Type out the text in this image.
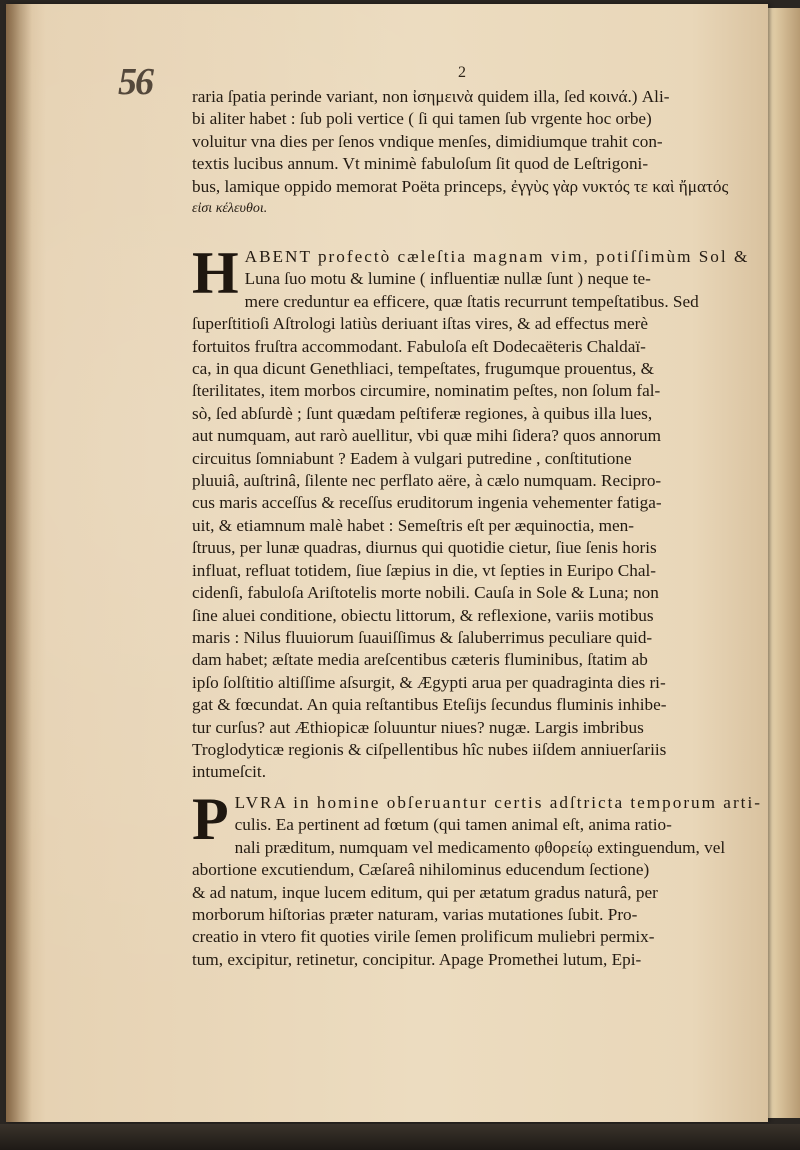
56	2
raria ſpatia perinde variant, non ἰσημεινὰ quidem illa, ſed κοινά.) Ali-
bi aliter habet : ſub poli vertice ( ſi qui tamen ſub vrgente hoc orbe)
voluitur vna dies per ſenos vndique menſes, dimidiumque trahit con-
textis lucibus annum. Vt minimè fabuloſum ſit quod de Leſtrigoni-
bus, lamique oppido memorat Poëta princeps, ἐγγὺς γὰρ νυκτός τε καὶ ἤματός
εἰσι κέλευθοι.
H ABENT profectò cæleſtia magnam vim, potiſſimùm Sol &
Luna ſuo motu & lumine ( influentiæ nullæ ſunt ) neque te-
mere creduntur ea efficere, quæ ſtatis recurrunt tempeſtatibus. Sed
ſuperſtitioſi Aſtrologi latiùs deriuant iſtas vires, & ad effectus merè
fortuitos fruſtra accommodant. Fabuloſa eſt Dodecaëteris Chaldaï-
ca, in qua dicunt Genethliaci, tempeſtates, frugumque prouentus, &
ſterilitates, item morbos circumire, nominatim peſtes, non ſolum fal-
sò, ſed abſurdè ; ſunt quædam peſtiferæ regiones, à quibus illa lues,
aut numquam, aut rarò auellitur, vbi quæ mihi ſidera? quos annorum
circuitus ſomniabunt ? Eadem à vulgari putredine , conſtitutione
pluuiâ, auſtrinâ, ſilente nec perflato aëre, à cælo numquam. Recipro-
cus maris acceſſus & receſſus eruditorum ingenia vehementer fatiga-
uit, & etiamnum malè habet : Semeſtris eſt per æquinoctia, men-
ſtruus, per lunæ quadras, diurnus qui quotidie cietur, ſiue ſenis horis
influat, refluat totidem, ſiue ſæpius in die, vt ſepties in Euripo Chal-
cidenſi, fabuloſa Ariſtotelis morte nobili. Cauſa in Sole & Luna; non
ſine aluei conditione, obiectu littorum, & reflexione, variis motibus
maris : Nilus fluuiorum ſuauiſſimus & ſaluberrimus peculiare quid-
dam habet; æſtate media areſcentibus cæteris fluminibus, ſtatim ab
ipſo ſolſtitio altiſſime aſsurgit, & Ægypti arua per quadraginta dies ri-
gat & fœcundat. An quia reſtantibus Eteſijs ſecundus fluminis inhibe-
tur curſus? aut Æthiopicæ ſoluuntur niues? nugæ. Largis imbribus
Troglodyticæ regionis & ciſpellentibus hîc nubes iiſdem anniuerſariis
intumeſcit.
P LVRA in homine obſeruantur certis adſtricta temporum arti-
culis. Ea pertinent ad fœtum (qui tamen animal eſt, anima ratio-
nali præditum, numquam vel medicamento φθορείῳ extinguendum, vel
abortione excutiendum, Cæſareâ nihilominus educendum ſectione)
& ad natum, inque lucem editum, qui per ætatum gradus naturâ, per
morborum hiſtorias præter naturam, varias mutationes ſubit. Pro-
creatio in vtero fit quoties virile ſemen prolificum muliebri permix-
tum, excipitur, retinetur, concipitur. Apage Promethei lutum, Epi-
